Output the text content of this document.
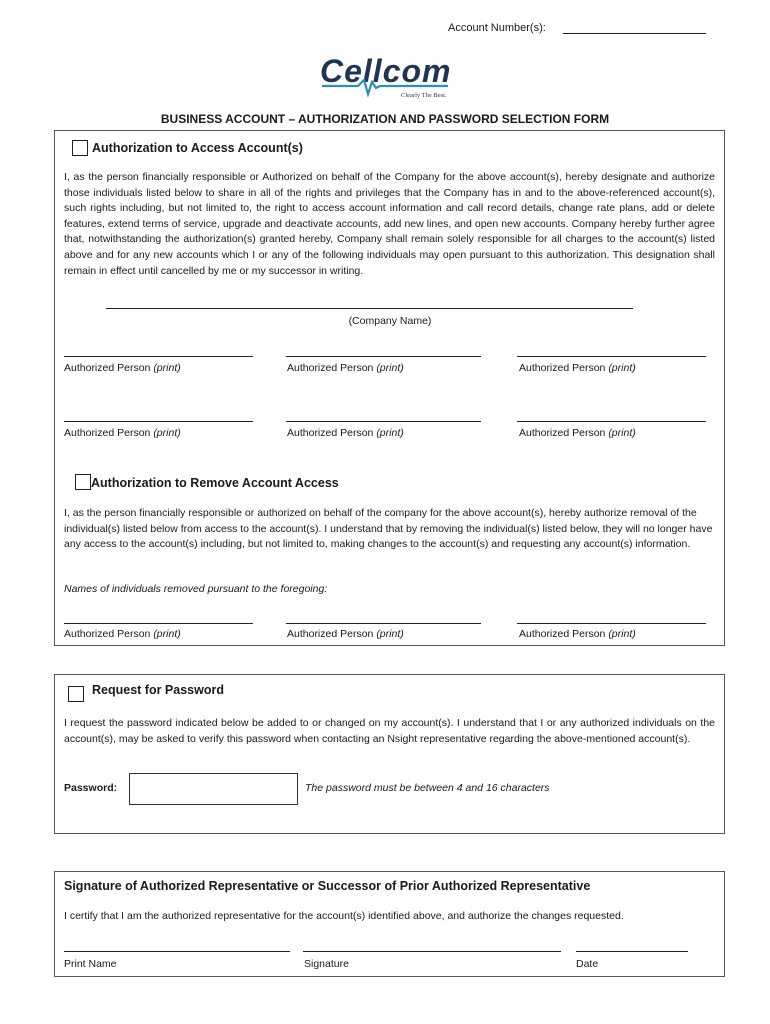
Account Number(s):
Cellcom
Clearly The Best.
BUSINESS ACCOUNT – AUTHORIZATION AND PASSWORD SELECTION FORM
Authorization to Access Account(s)
I, as the person financially responsible or Authorized on behalf of the Company for the above account(s), hereby designate and authorize those individuals listed below to share in all of the rights and privileges that the Company has in and to the above-referenced account(s), such rights including, but not limited to, the right to access account information and call record details, change rate plans, add or delete features, extend terms of service, upgrade and deactivate accounts, add new lines, and open new accounts. Company hereby further agree that, notwithstanding the authorization(s) granted hereby, Company shall remain solely responsible for all charges to the account(s) listed above and for any new accounts which I or any of the following individuals may open pursuant to this authorization. This designation shall remain in effect until cancelled by me or my successor in writing.
(Company Name)
Authorized Person (print)	Authorized Person (print)	Authorized Person (print)
Authorized Person (print)	Authorized Person (print)	Authorized Person (print)
Authorization to Remove Account Access
I, as the person financially responsible or authorized on behalf of the company for the above account(s), hereby authorize removal of the individual(s) listed below from access to the account(s). I understand that by removing the individual(s) listed below, they will no longer have any access to the account(s) including, but not limited to, making changes to the account(s) and requesting any account(s) information.
Names of individuals removed pursuant to the foregoing:
Authorized Person (print)	Authorized Person (print)	Authorized Person (print)
Request for Password
I request the password indicated below be added to or changed on my account(s). I understand that I or any authorized individuals on the account(s), may be asked to verify this password when contacting an Nsight representative regarding the above-mentioned account(s).
Password:	The password must be between 4 and 16 characters
Signature of Authorized Representative or Successor of Prior Authorized Representative
I certify that I am the authorized representative for the account(s) identified above, and authorize the changes requested.
Print Name	Signature	Date
